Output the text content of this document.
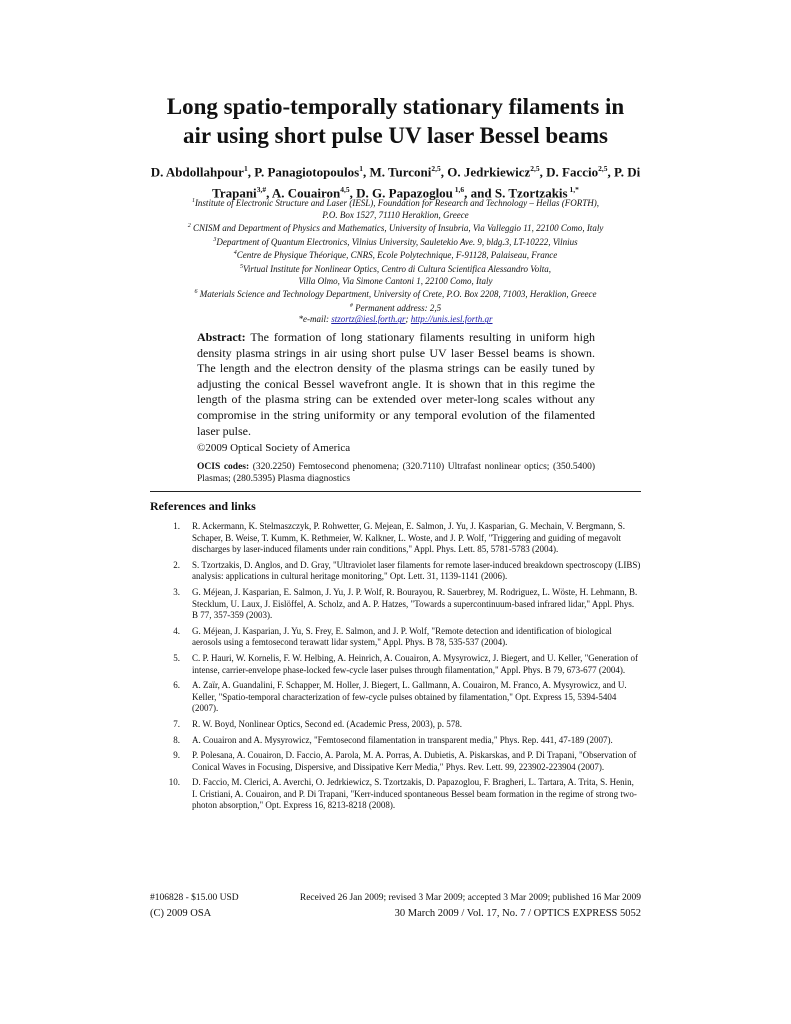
Long spatio-temporally stationary filaments in air using short pulse UV laser Bessel beams

D. Abdollahpour$^1$, P. Panagiotopoulos$^1$, M. Turconi$^{2,5}$, O. Jedrkiewicz$^{2,5}$, D. Faccio$^{2,5}$, P. Di Trapani$^{3,\#}$, A. Couairon$^{4,5}$, D. G. Papazoglou $^{1,6}$, and S. Tzortzakis $^{1,*}$

$^1$Institute of Electronic Structure and Laser (IESL), Foundation for Research and Technology – Hellas (FORTH),
P.O. Box 1527, 71110 Heraklion, Greece
$^2$ CNISM and Department of Physics and Mathematics, University of Insubria, Via Valleggio 11, 22100 Como, Italy
$^3$Department of Quantum Electronics, Vilnius University, Sauletekio Ave. 9, bldg.3, LT-10222, Vilnius
$^4$Centre de Physique Théorique, CNRS, Ecole Polytechnique, F-91128, Palaiseau, France
$^5$Virtual Institute for Nonlinear Optics, Centro di Cultura Scientifica Alessandro Volta,
Villa Olmo, Via Simone Cantoni 1, 22100 Como, Italy
$^6$ Materials Science and Technology Department, University of Crete, P.O. Box 2208, 71003, Heraklion, Greece
# Permanent address: 2,5
*e-mail: stzortz@iesl.forth.gr; http://unis.iesl.forth.gr

Abstract: The formation of long stationary filaments resulting in uniform high density plasma strings in air using short pulse UV laser Bessel beams is shown. The length and the electron density of the plasma strings can be easily tuned by adjusting the conical Bessel wavefront angle. It is shown that in this regime the length of the plasma string can be extended over meter-long scales without any compromise in the string uniformity or any temporal evolution of the filamented laser pulse.

©2009 Optical Society of America

OCIS codes: (320.2250) Femtosecond phenomena; (320.7110) Ultrafast nonlinear optics; (350.5400) Plasmas; (280.5395) Plasma diagnostics

References and links
1.	R. Ackermann, K. Stelmaszczyk, P. Rohwetter, G. Mejean, E. Salmon, J. Yu, J. Kasparian, G. Mechain, V. Bergmann, S. Schaper, B. Weise, T. Kumm, K. Rethmeier, W. Kalkner, L. Woste, and J. P. Wolf, "Triggering and guiding of megavolt discharges by laser-induced filaments under rain conditions," Appl. Phys. Lett. 85, 5781-5783 (2004).
2.	S. Tzortzakis, D. Anglos, and D. Gray, "Ultraviolet laser filaments for remote laser-induced breakdown spectroscopy (LIBS) analysis: applications in cultural heritage monitoring," Opt. Lett. 31, 1139-1141 (2006).
3.	G. Méjean, J. Kasparian, E. Salmon, J. Yu, J. P. Wolf, R. Bourayou, R. Sauerbrey, M. Rodriguez, L. Wöste, H. Lehmann, B. Stecklum, U. Laux, J. Eislöffel, A. Scholz, and A. P. Hatzes, "Towards a supercontinuum-based infrared lidar," Appl. Phys. B 77, 357-359 (2003).
4.	G. Méjean, J. Kasparian, J. Yu, S. Frey, E. Salmon, and J. P. Wolf, "Remote detection and identification of biological aerosols using a femtosecond terawatt lidar system," Appl. Phys. B 78, 535-537 (2004).
5.	C. P. Hauri, W. Kornelis, F. W. Helbing, A. Heinrich, A. Couairon, A. Mysyrowicz, J. Biegert, and U. Keller, "Generation of intense, carrier-envelope phase-locked few-cycle laser pulses through filamentation," Appl. Phys. B 79, 673-677 (2004).
6.	A. Zaïr, A. Guandalini, F. Schapper, M. Holler, J. Biegert, L. Gallmann, A. Couairon, M. Franco, A. Mysyrowicz, and U. Keller, "Spatio-temporal characterization of few-cycle pulses obtained by filamentation," Opt. Express 15, 5394-5404 (2007).
7.	R. W. Boyd, Nonlinear Optics, Second ed. (Academic Press, 2003), p. 578.
8.	A. Couairon and A. Mysyrowicz, "Femtosecond filamentation in transparent media," Phys. Rep. 441, 47-189 (2007).
9.	P. Polesana, A. Couairon, D. Faccio, A. Parola, M. A. Porras, A. Dubietis, A. Piskarskas, and P. Di Trapani, "Observation of Conical Waves in Focusing, Dispersive, and Dissipative Kerr Media," Phys. Rev. Lett. 99, 223902-223904 (2007).
10.	D. Faccio, M. Clerici, A. Averchi, O. Jedrkiewicz, S. Tzortzakis, D. Papazoglou, F. Bragheri, L. Tartara, A. Trita, S. Henin, I. Cristiani, A. Couairon, and P. Di Trapani, "Kerr-induced spontaneous Bessel beam formation in the regime of strong two-photon absorption," Opt. Express 16, 8213-8218 (2008).
#106828 - $15.00 USD	Received 26 Jan 2009; revised 3 Mar 2009; accepted 3 Mar 2009; published 16 Mar 2009
(C) 2009 OSA	30 March 2009 / Vol. 17, No. 7 / OPTICS EXPRESS 5052
